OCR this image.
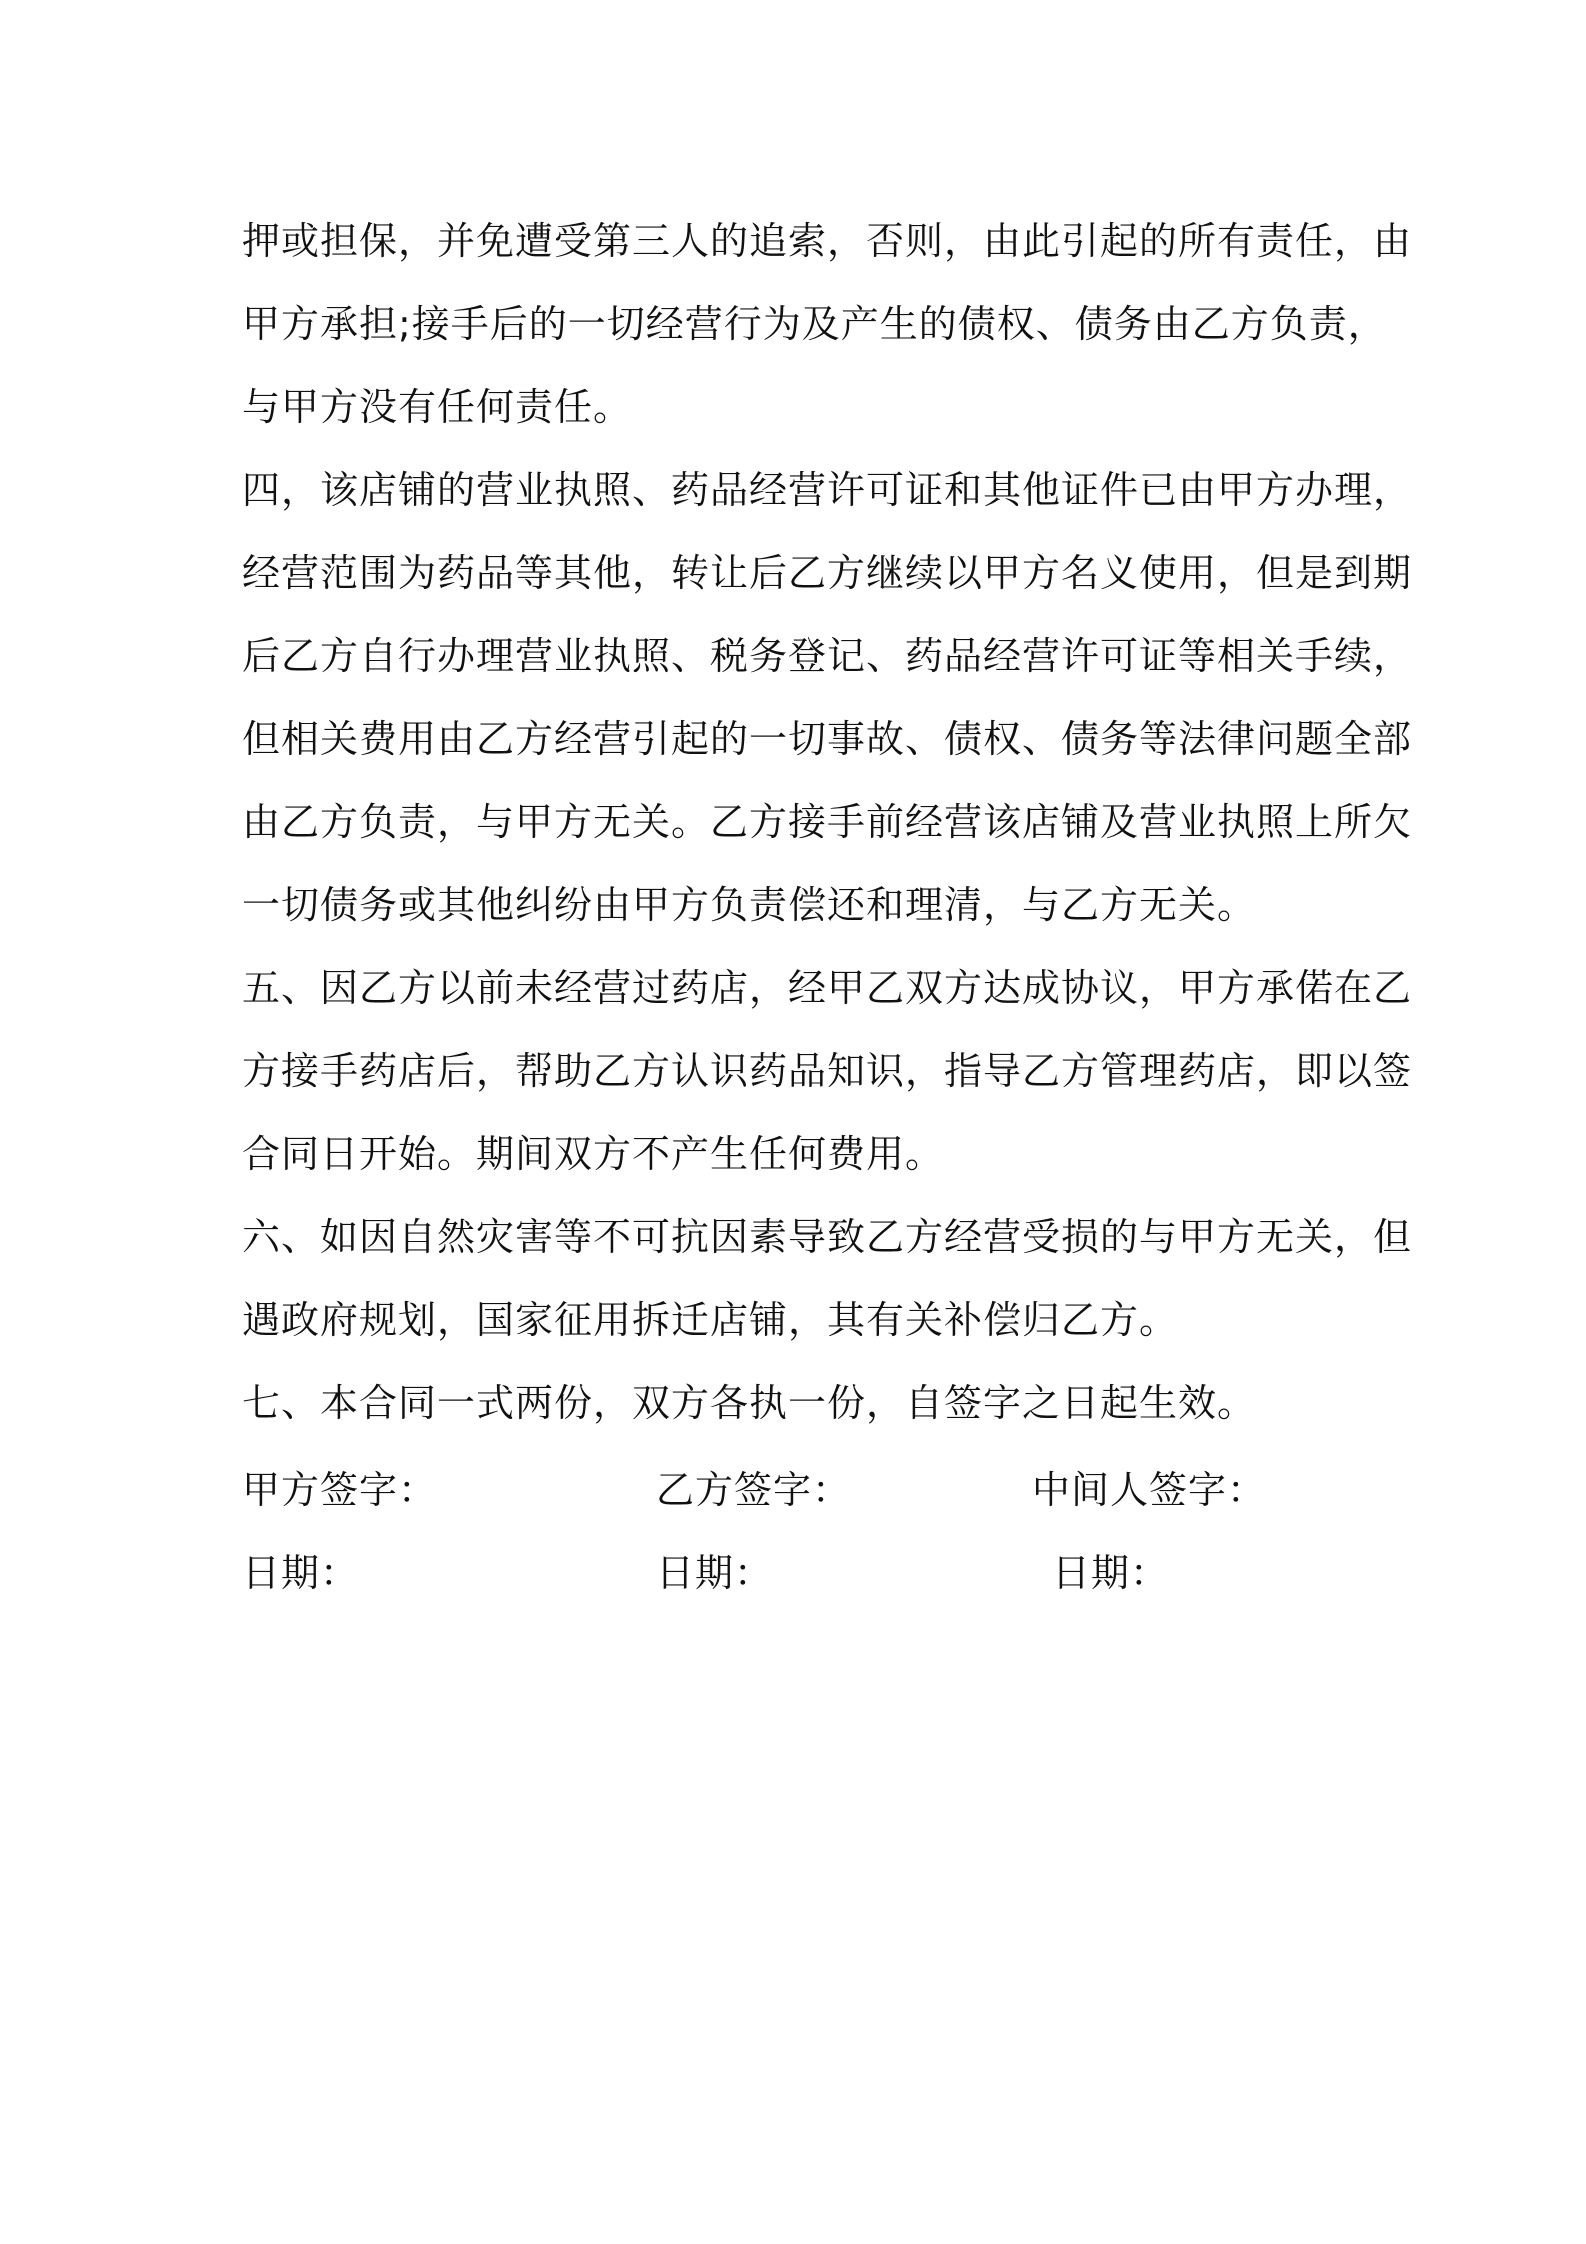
押或担保，并免遭受第三人的追索，否则，由此引起的所有责任，由
甲方承担;接手后的一切经营行为及产生的债权、债务由乙方负责，
与甲方没有任何责任。
四，该店铺的营业执照、药品经营许可证和其他证件已由甲方办理，
经营范围为药品等其他，转让后乙方继续以甲方名义使用，但是到期
后乙方自行办理营业执照、税务登记、药品经营许可证等相关手续，
但相关费用由乙方经营引起的一切事故、债权、债务等法律问题全部
由乙方负责，与甲方无关。乙方接手前经营该店铺及营业执照上所欠
一切债务或其他纠纷由甲方负责偿还和理清，与乙方无关。
五、因乙方以前未经营过药店，经甲乙双方达成协议，甲方承偌在乙
方接手药店后，帮助乙方认识药品知识，指导乙方管理药店，即以签
合同日开始。期间双方不产生任何费用。
六、如因自然灾害等不可抗因素导致乙方经营受损的与甲方无关，但
遇政府规划，国家征用拆迁店铺，其有关补偿归乙方。
七、本合同一式两份，双方各执一份，自签字之日起生效。
甲方签字：	乙方签字：	中间人签字：
日期：	日期：	日期：
